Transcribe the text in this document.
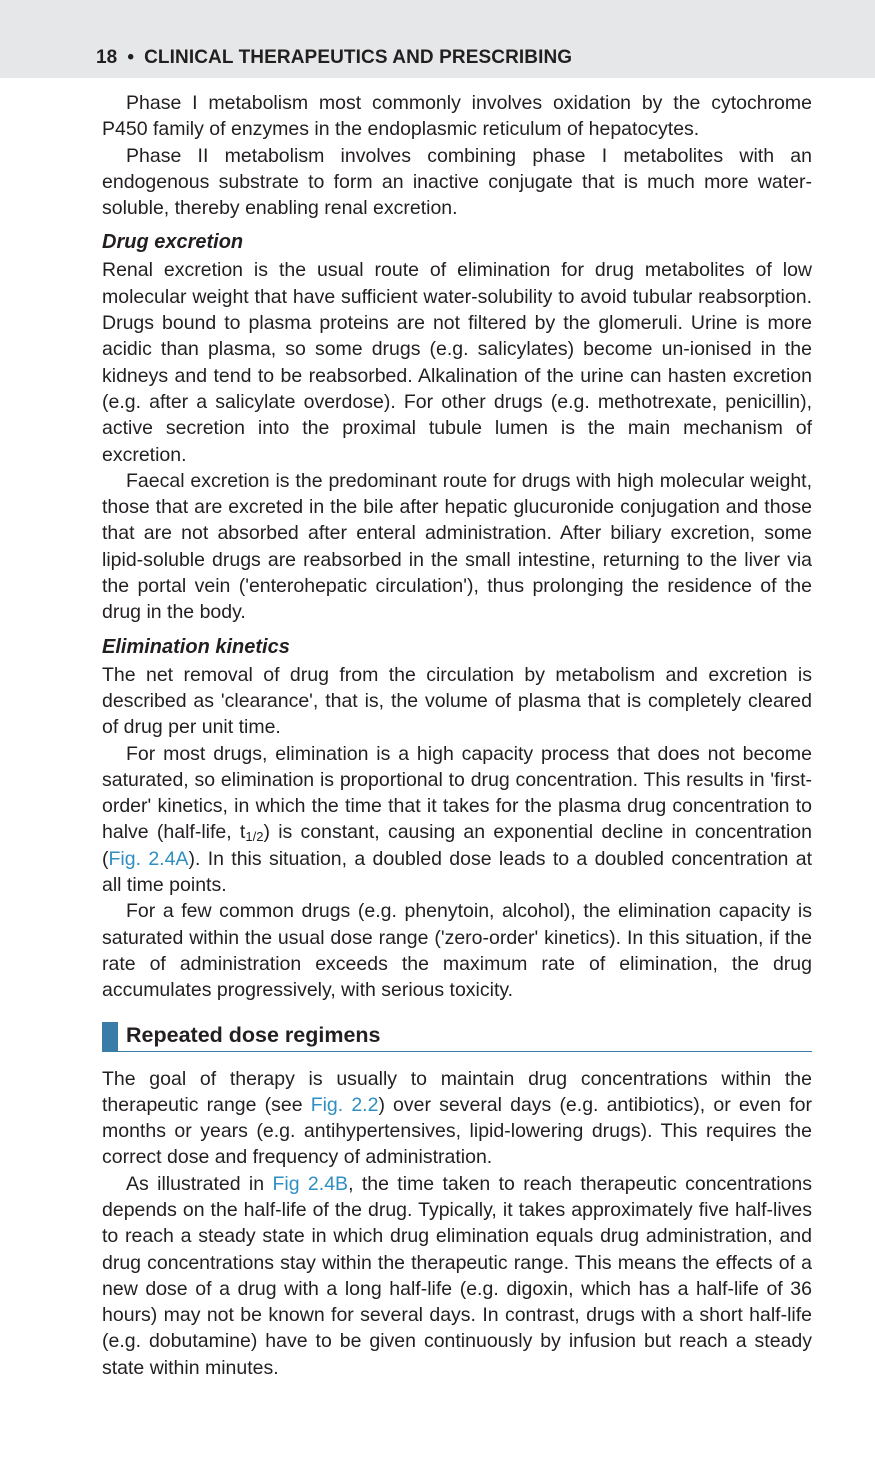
18 • CLINICAL THERAPEUTICS AND PRESCRIBING

Phase I metabolism most commonly involves oxidation by the cytochrome P450 family of enzymes in the endoplasmic reticulum of hepatocytes.

Phase II metabolism involves combining phase I metabolites with an endogenous substrate to form an inactive conjugate that is much more water-soluble, thereby enabling renal excretion.

Drug excretion

Renal excretion is the usual route of elimination for drug metabolites of low molecular weight that have sufficient water-solubility to avoid tubular reabsorption. Drugs bound to plasma proteins are not filtered by the glomeruli. Urine is more acidic than plasma, so some drugs (e.g. salicylates) become un-ionised in the kidneys and tend to be reabsorbed. Alkalination of the urine can hasten excretion (e.g. after a salicylate overdose). For other drugs (e.g. methotrexate, penicillin), active secretion into the proximal tubule lumen is the main mechanism of excretion.

Faecal excretion is the predominant route for drugs with high molecular weight, those that are excreted in the bile after hepatic glucuronide conjugation and those that are not absorbed after enteral administration. After biliary excretion, some lipid-soluble drugs are reabsorbed in the small intestine, returning to the liver via the portal vein ('enterohepatic circulation'), thus prolonging the residence of the drug in the body.

Elimination kinetics

The net removal of drug from the circulation by metabolism and excretion is described as 'clearance', that is, the volume of plasma that is completely cleared of drug per unit time.

For most drugs, elimination is a high capacity process that does not become saturated, so elimination is proportional to drug concentration. This results in 'first-order' kinetics, in which the time that it takes for the plasma drug concentration to halve (half-life, $t_{1/2}$) is constant, causing an exponential decline in concentration (Fig. 2.4A). In this situation, a doubled dose leads to a doubled concentration at all time points.

For a few common drugs (e.g. phenytoin, alcohol), the elimination capacity is saturated within the usual dose range ('zero-order' kinetics). In this situation, if the rate of administration exceeds the maximum rate of elimination, the drug accumulates progressively, with serious toxicity.

Repeated dose regimens

The goal of therapy is usually to maintain drug concentrations within the therapeutic range (see Fig. 2.2) over several days (e.g. antibiotics), or even for months or years (e.g. antihypertensives, lipid-lowering drugs). This requires the correct dose and frequency of administration.

As illustrated in Fig 2.4B, the time taken to reach therapeutic concentrations depends on the half-life of the drug. Typically, it takes approximately five half-lives to reach a steady state in which drug elimination equals drug administration, and drug concentrations stay within the therapeutic range. This means the effects of a new dose of a drug with a long half-life (e.g. digoxin, which has a half-life of 36 hours) may not be known for several days. In contrast, drugs with a short half-life (e.g. dobutamine) have to be given continuously by infusion but reach a steady state within minutes.
